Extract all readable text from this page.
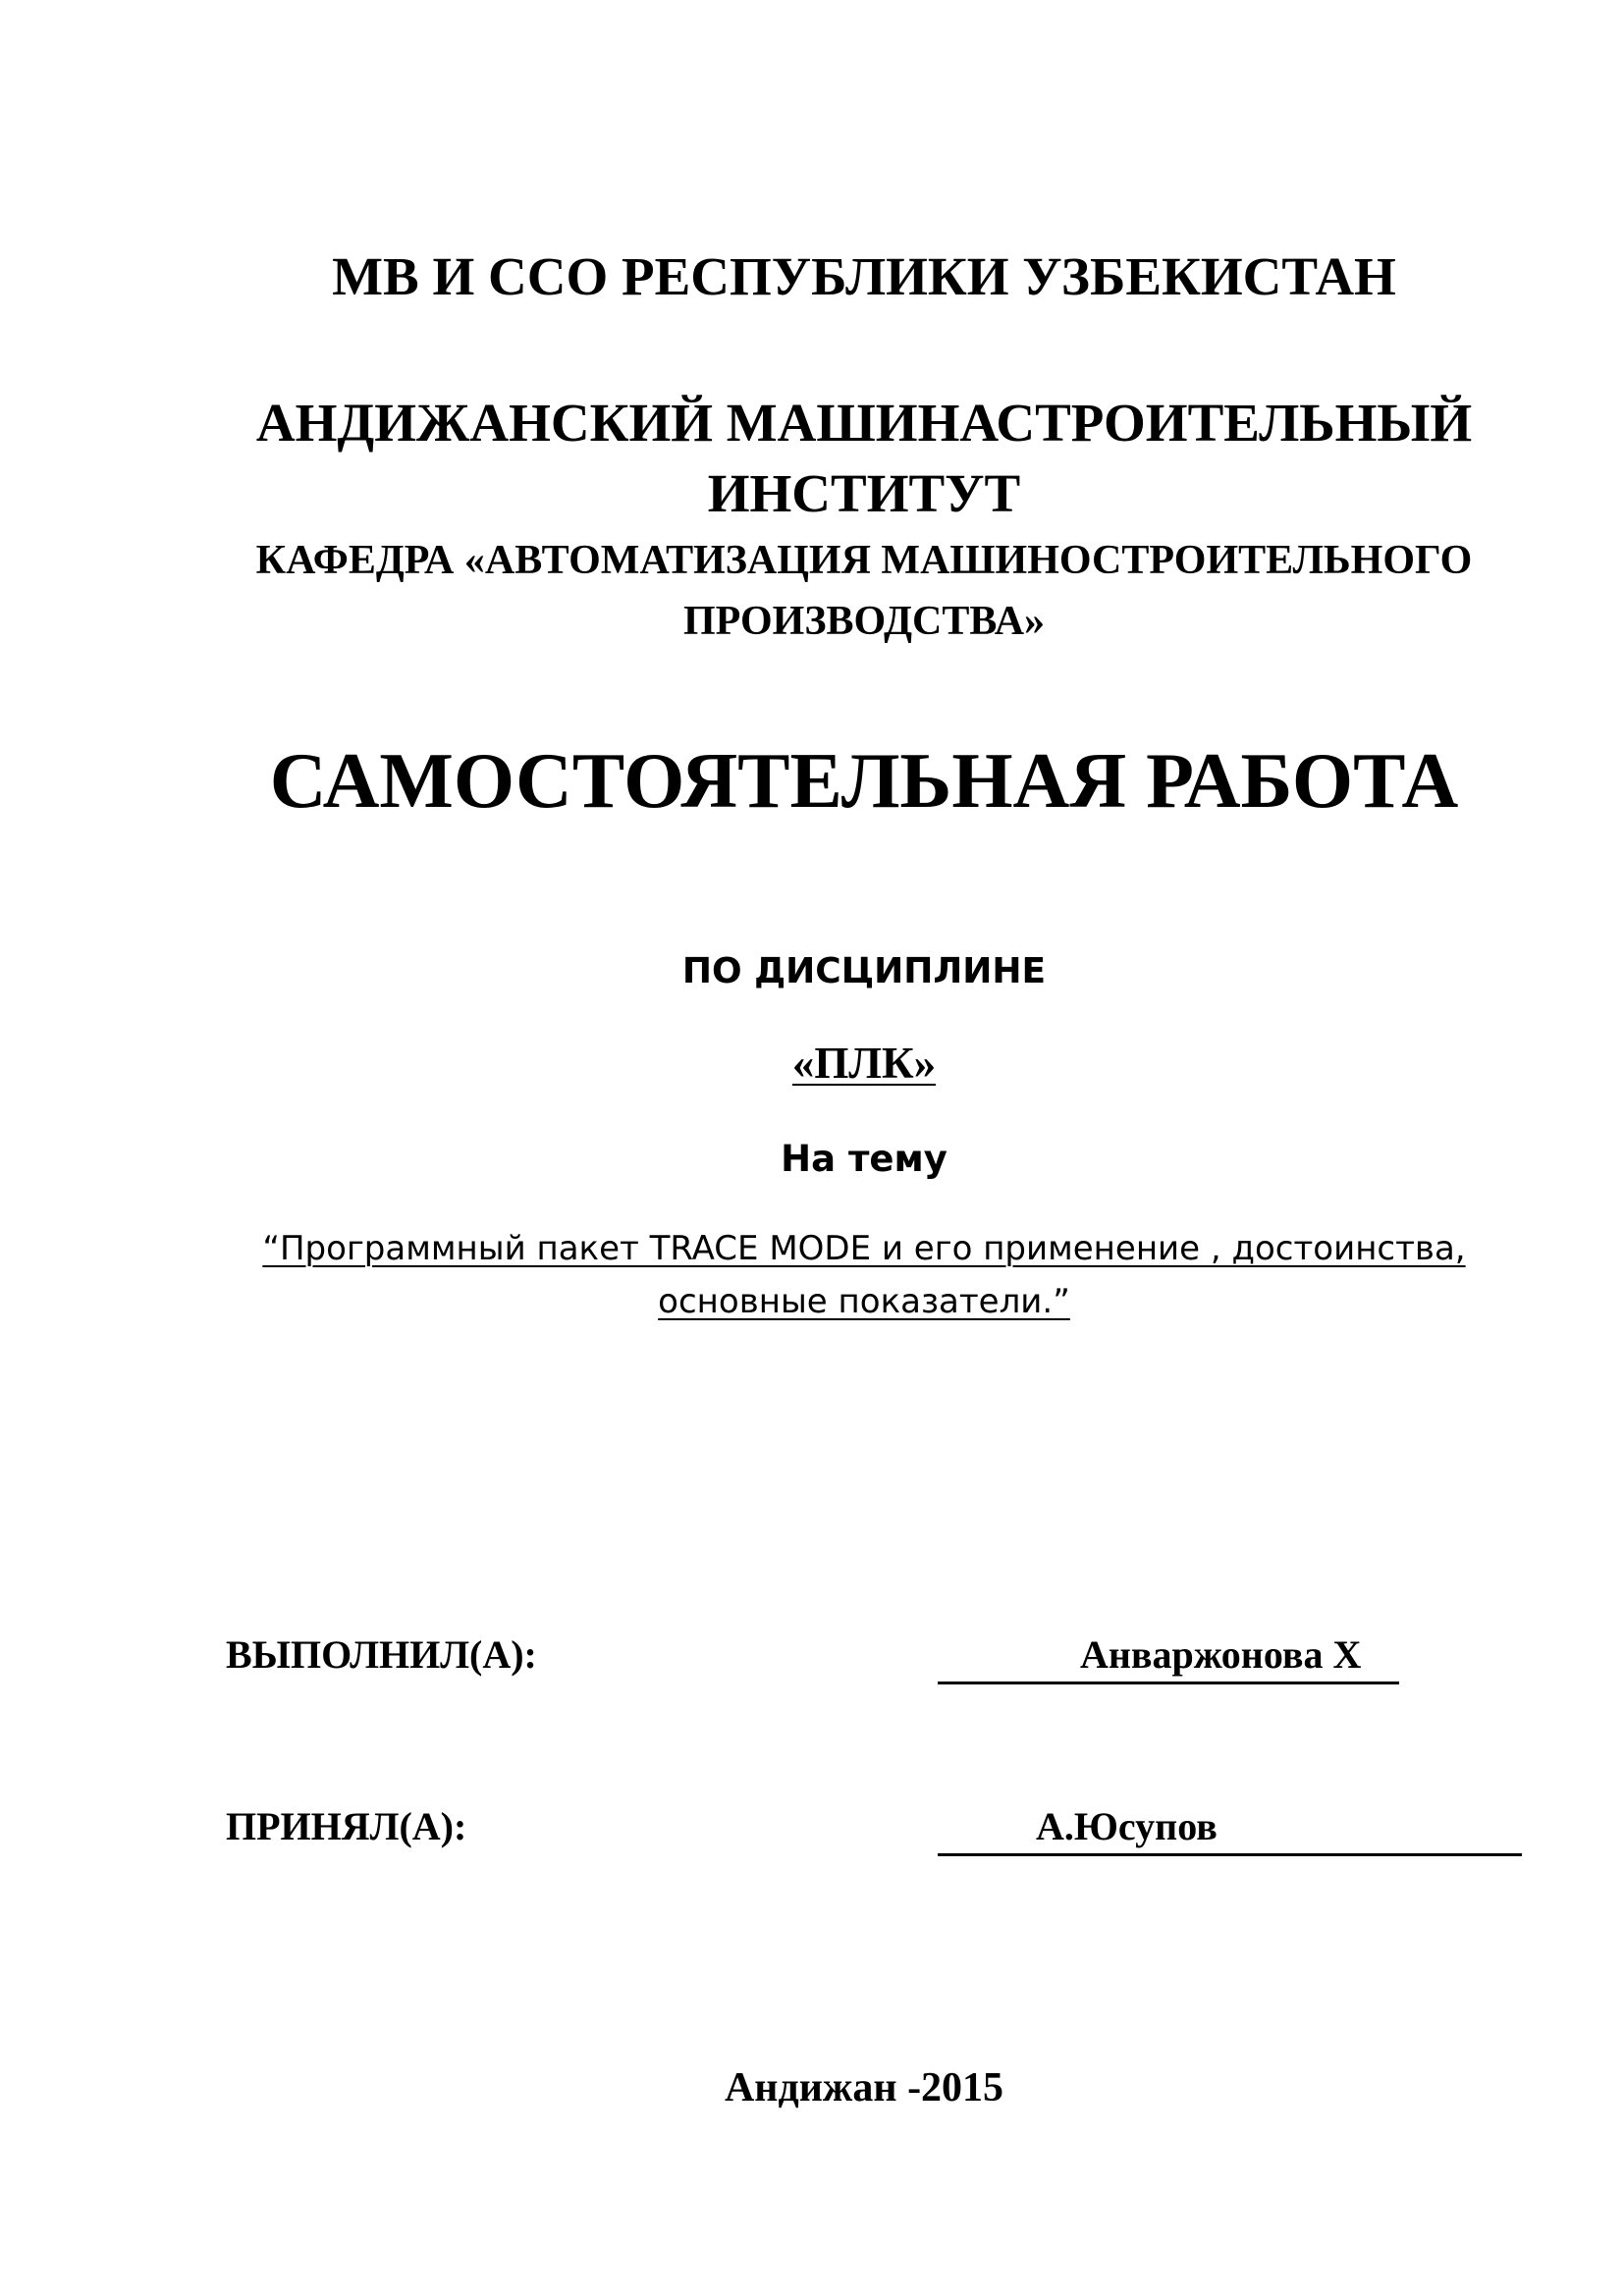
МВ И ССО РЕСПУБЛИКИ УЗБЕКИСТАН

АНДИЖАНСКИЙ МАШИНАСТРОИТЕЛЬНЫЙ ИНСТИТУТ

КАФЕДРА «АВТОМАТИЗАЦИЯ МАШИНОСТРОИТЕЛЬНОГО ПРОИЗВОДСТВА»

САМОСТОЯТЕЛЬНАЯ РАБОТА

ПО ДИСЦИПЛИНЕ

«ПЛК»

На тему

“Программный пакет TRACE MODE и его применение , достоинства, основные показатели.”

ВЫПОЛНИЛ(А):	Анваржонова Х
ПРИНЯЛ(А):	А.Юсупов

Андижан -2015
